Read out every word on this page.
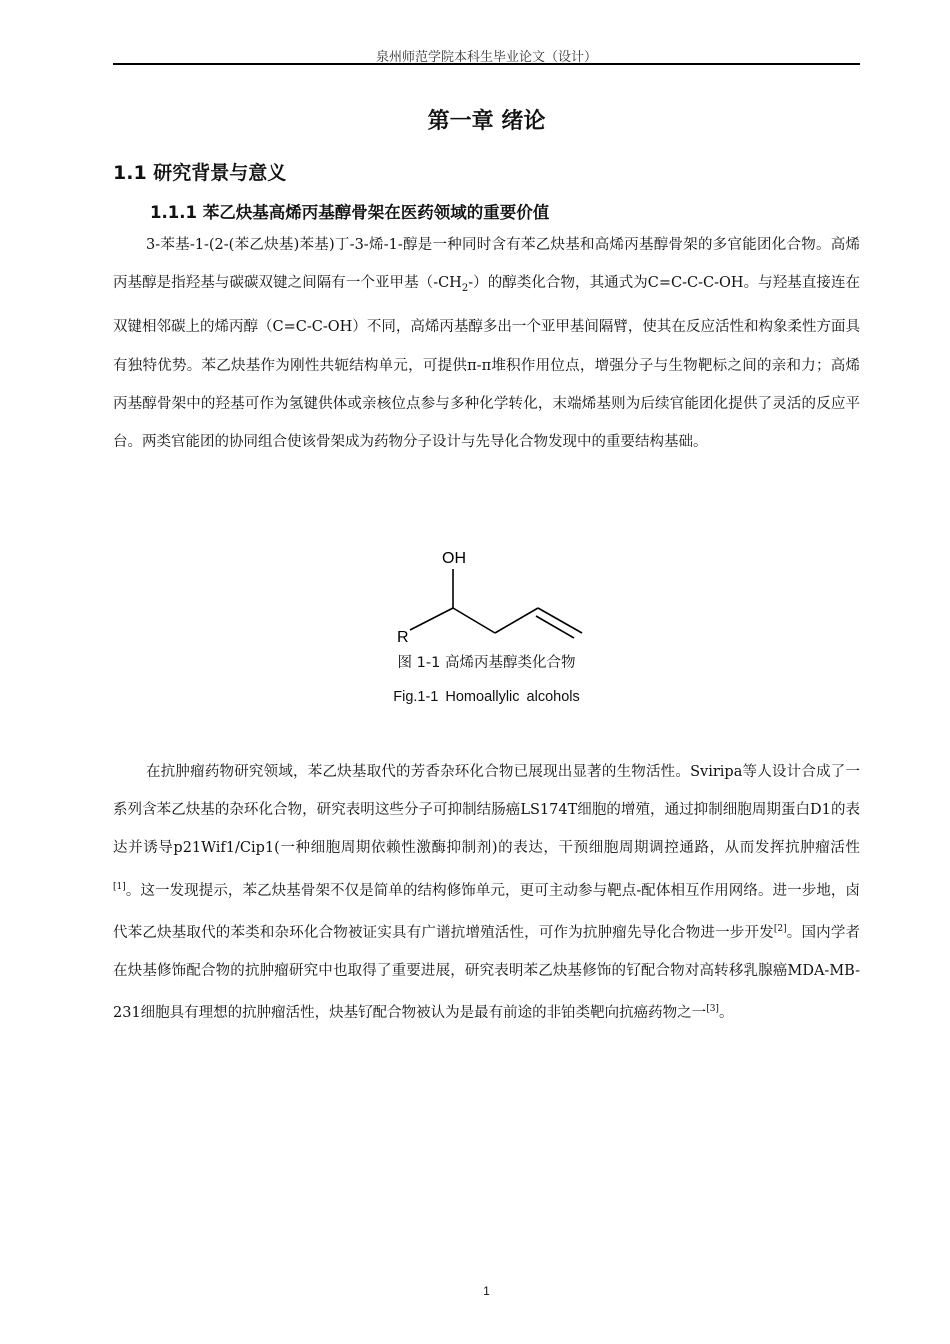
泉州师范学院本科生毕业论文（设计）
第一章 绪论
1.1 研究背景与意义
1.1.1 苯乙炔基高烯丙基醇骨架在医药领域的重要价值

3-苯基-1-(2-(苯乙炔基)苯基)丁-3-烯-1-醇是一种同时含有苯乙炔基和高烯丙基醇骨架的多官能团化合物。高烯丙基醇是指羟基与碳碳双键之间隔有一个亚甲基$(-CH_2-)$的醇类化合物，其通式为C=C-C-C-OH。与羟基直接连在双键相邻碳上的烯丙醇（C=C-C-OH）不同，高烯丙基醇多出一个亚甲基间隔臂，使其在反应活性和构象柔性方面具有独特优势。苯乙炔基作为刚性共轭结构单元，可提供π-π堆积作用位点，增强分子与生物靶标之间的亲和力；高烯丙基醇骨架中的羟基可作为氢键供体或亲核位点参与多种化学转化，末端烯基则为后续官能团化提供了灵活的反应平台。两类官能团的协同组合使该骨架成为药物分子设计与先导化合物发现中的重要结构基础。

OH
R
图 1-1 高烯丙基醇类化合物
Fig.1-1 Homoallylic alcohols

在抗肿瘤药物研究领域，苯乙炔基取代的芳香杂环化合物已展现出显著的生物活性。Sviripa等人设计合成了一系列含苯乙炔基的杂环化合物，研究表明这些分子可抑制结肠癌LS174T细胞的增殖，通过抑制细胞周期蛋白D1的表达并诱导p21Wif1/Cip1(一种细胞周期依赖性激酶抑制剂)的表达，干预细胞周期调控通路，从而发挥抗肿瘤活性[1]。这一发现提示，苯乙炔基骨架不仅是简单的结构修饰单元，更可主动参与靶点-配体相互作用网络。进一步地，卤代苯乙炔基取代的苯类和杂环化合物被证实具有广谱抗增殖活性，可作为抗肿瘤先导化合物进一步开发[2]。国内学者在炔基修饰配合物的抗肿瘤研究中也取得了重要进展，研究表明苯乙炔基修饰的钌配合物对高转移乳腺癌MDA-MB-231细胞具有理想的抗肿瘤活性，炔基钌配合物被认为是最有前途的非铂类靶向抗癌药物之一[3]。

1
